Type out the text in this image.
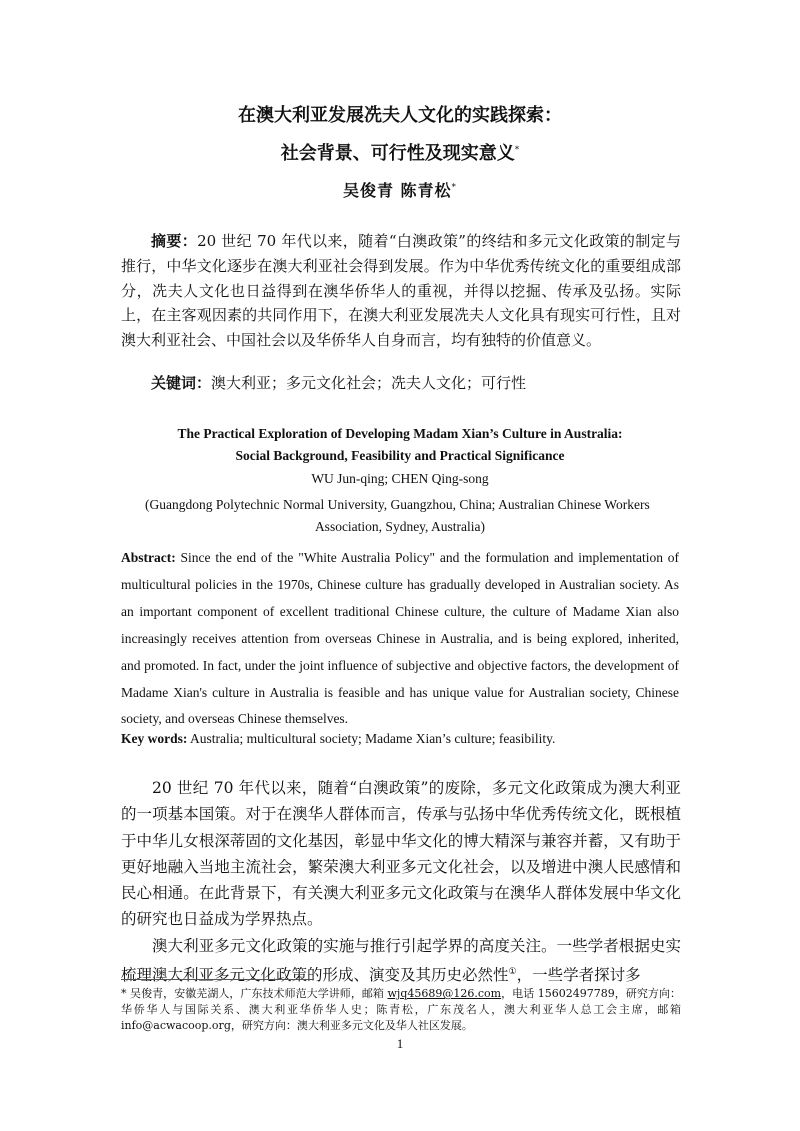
在澳大利亚发展冼夫人文化的实践探索：
社会背景、可行性及现实意义*
吴俊青 陈青松*

摘要：20 世纪 70 年代以来，随着“白澳政策”的终结和多元文化政策的制定与推行，中华文化逐步在澳大利亚社会得到发展。作为中华优秀传统文化的重要组成部分，冼夫人文化也日益得到在澳华侨华人的重视，并得以挖掘、传承及弘扬。实际上，在主客观因素的共同作用下，在澳大利亚发展冼夫人文化具有现实可行性，且对澳大利亚社会、中国社会以及华侨华人自身而言，均有独特的价值意义。

关键词：澳大利亚；多元文化社会；冼夫人文化；可行性
The Practical Exploration of Developing Madam Xian’s Culture in Australia:
Social Background, Feasibility and Practical Significance
WU Jun-qing; CHEN Qing-song
(Guangdong Polytechnic Normal University, Guangzhou, China; Australian Chinese Workers
Association, Sydney, Australia)
Abstract: Since the end of the "White Australia Policy" and the formulation and implementation of multicultural policies in the 1970s, Chinese culture has gradually developed in Australian society. As an important component of excellent traditional Chinese culture, the culture of Madame Xian also increasingly receives attention from overseas Chinese in Australia, and is being explored, inherited, and promoted. In fact, under the joint influence of subjective and objective factors, the development of Madame Xian's culture in Australia is feasible and has unique value for Australian society, Chinese society, and overseas Chinese themselves.
Key words: Australia; multicultural society; Madame Xian’s culture; feasibility.

20 世纪 70 年代以来，随着“白澳政策”的废除，多元文化政策成为澳大利亚的一项基本国策。对于在澳华人群体而言，传承与弘扬中华优秀传统文化，既根植于中华儿女根深蒂固的文化基因，彰显中华文化的博大精深与兼容并蓄，又有助于更好地融入当地主流社会，繁荣澳大利亚多元文化社会，以及增进中澳人民感情和民心相通。在此背景下，有关澳大利亚多元文化政策与在澳华人群体发展中华文化的研究也日益成为学界热点。

澳大利亚多元文化政策的实施与推行引起学界的高度关注。一些学者根据史实梳理澳大利亚多元文化政策的形成、演变及其历史必然性①，一些学者探讨多

* 吴俊青，安徽芜湖人，广东技术师范大学讲师，邮箱 wjq45689@126.com，电话 15602497789，研究方向：华侨华人与国际关系、澳大利亚华侨华人史；陈青松，广东茂名人，澳大利亚华人总工会主席，邮箱 info@acwacoop.org，研究方向：澳大利亚多元文化及华人社区发展。
1
